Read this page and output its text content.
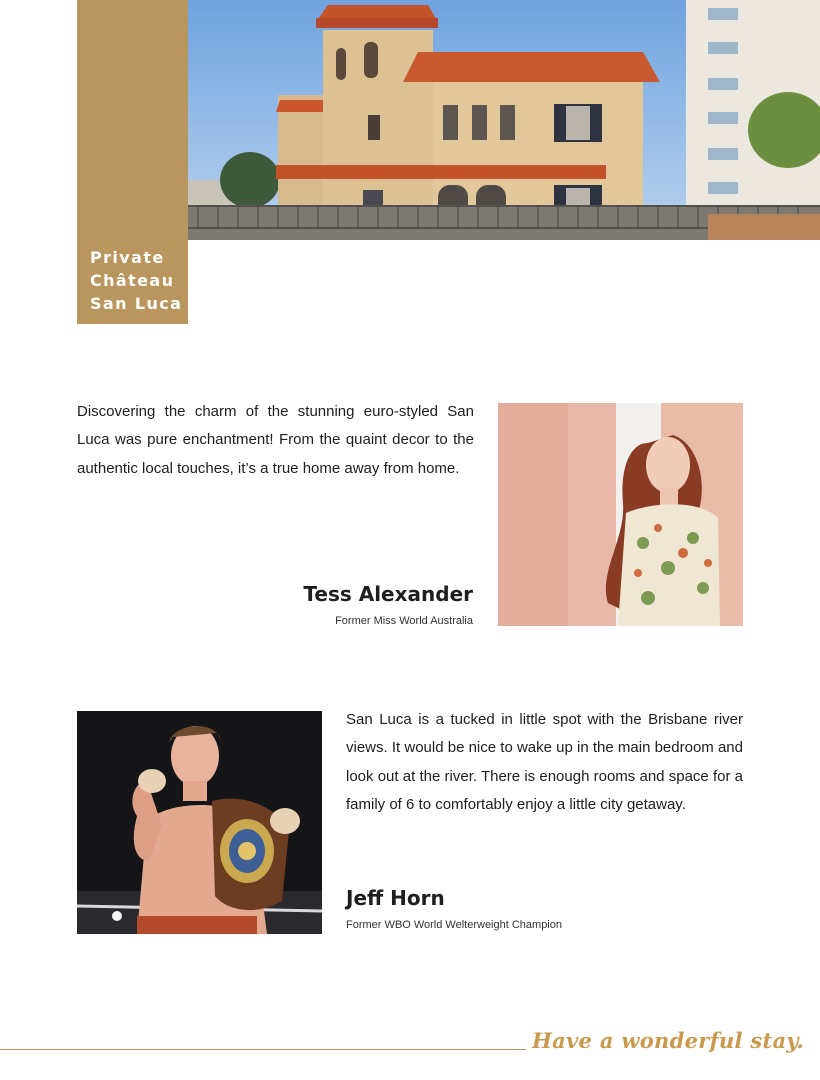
Private
Château
San Luca
Discovering the charm of the stunning euro-styled San Luca was pure enchantment! From the quaint decor to the authentic local touches, it’s a true home away from home.
Tess Alexander
Former Miss World Australia
San Luca is a tucked in little spot with the Brisbane river views. It would be nice to wake up in the main bedroom and look out at the river. There is enough rooms and space for a family of 6 to comfortably enjoy a little city getaway.
Jeff Horn
Former WBO World Welterweight Champion
Have a wonderful stay.
